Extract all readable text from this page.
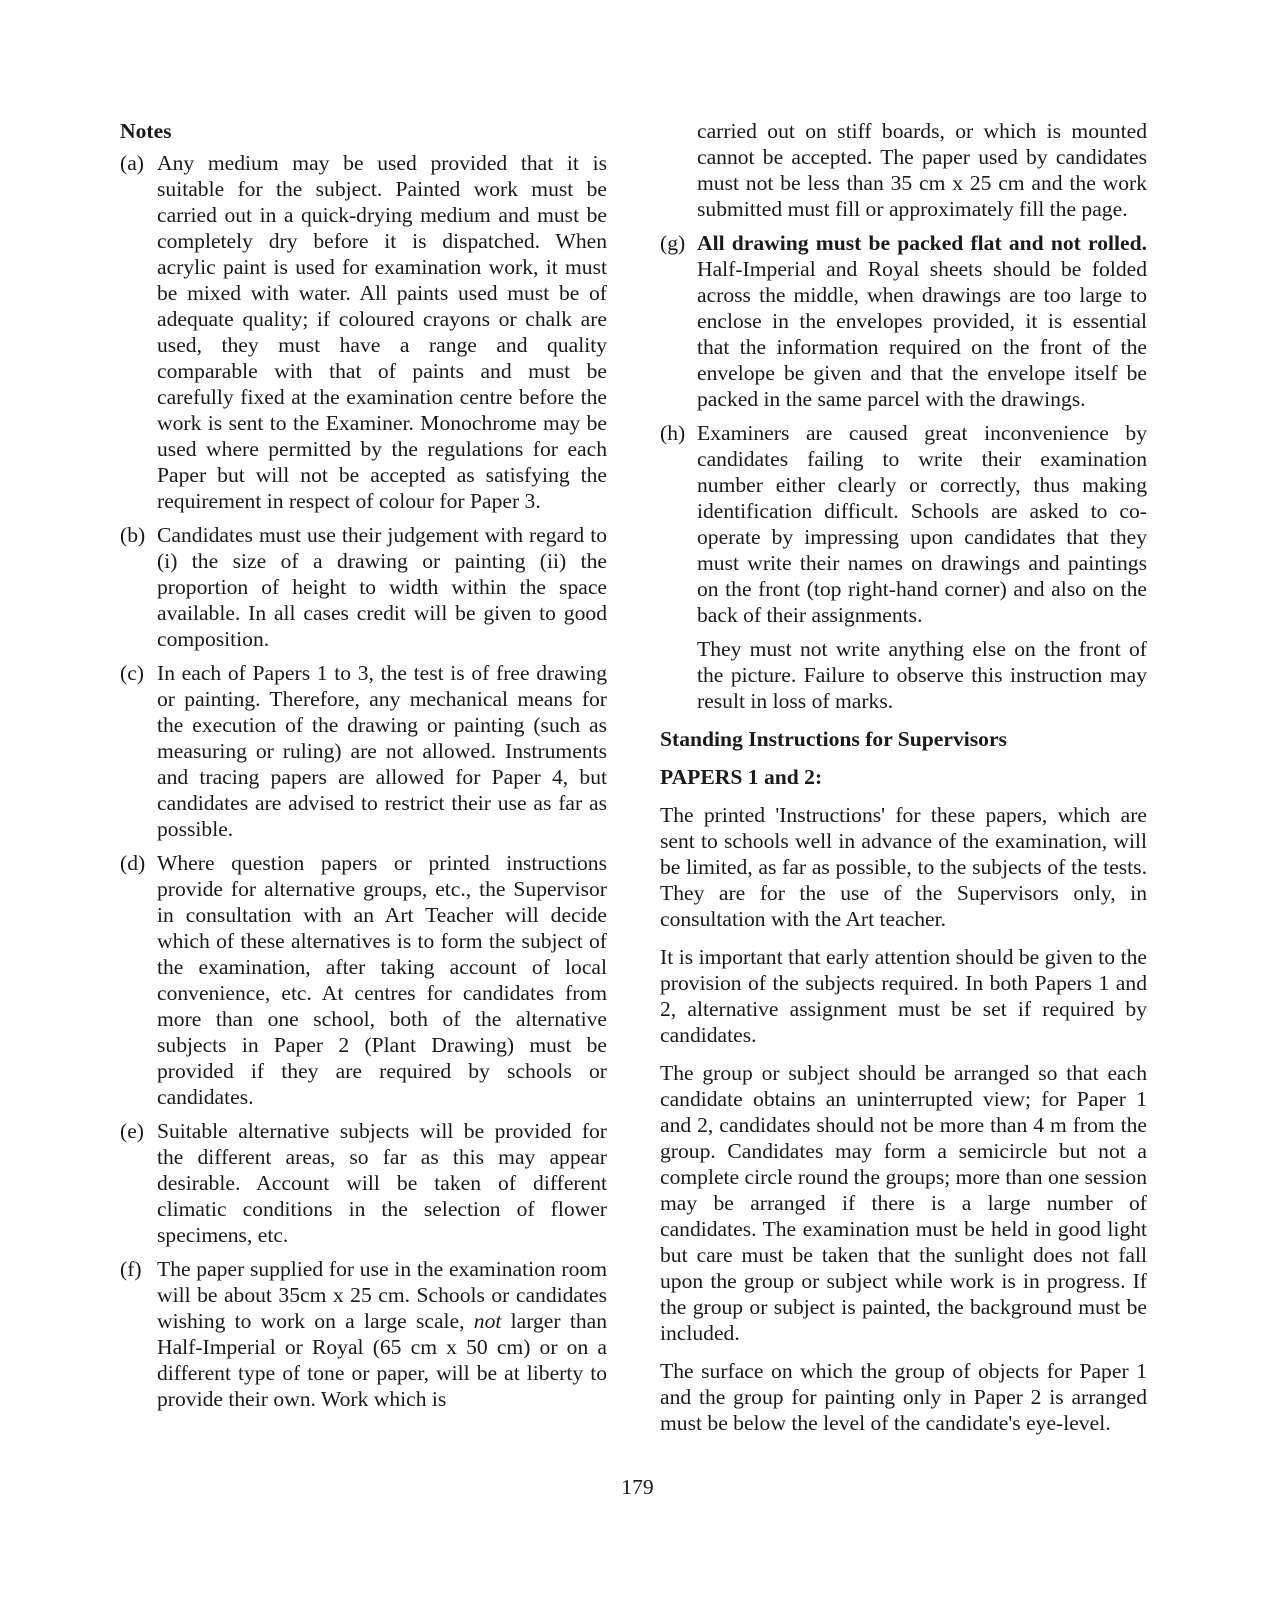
Notes
(a) Any medium may be used provided that it is suitable for the subject. Painted work must be carried out in a quick-drying medium and must be completely dry before it is dispatched. When acrylic paint is used for examination work, it must be mixed with water. All paints used must be of adequate quality; if coloured crayons or chalk are used, they must have a range and quality comparable with that of paints and must be carefully fixed at the examination centre before the work is sent to the Examiner. Monochrome may be used where permitted by the regulations for each Paper but will not be accepted as satisfying the requirement in respect of colour for Paper 3.
(b) Candidates must use their judgement with regard to (i) the size of a drawing or painting (ii) the proportion of height to width within the space available. In all cases credit will be given to good composition.
(c) In each of Papers 1 to 3, the test is of free drawing or painting. Therefore, any mechanical means for the execution of the drawing or painting (such as measuring or ruling) are not allowed. Instruments and tracing papers are allowed for Paper 4, but candidates are advised to restrict their use as far as possible.
(d) Where question papers or printed instructions provide for alternative groups, etc., the Supervisor in consultation with an Art Teacher will decide which of these alternatives is to form the subject of the examination, after taking account of local convenience, etc. At centres for candidates from more than one school, both of the alternative subjects in Paper 2 (Plant Drawing) must be provided if they are required by schools or candidates.
(e) Suitable alternative subjects will be provided for the different areas, so far as this may appear desirable. Account will be taken of different climatic conditions in the selection of flower specimens, etc.
(f) The paper supplied for use in the examination room will be about 35cm x 25 cm. Schools or candidates wishing to work on a large scale, not larger than Half-Imperial or Royal (65 cm x 50 cm) or on a different type of tone or paper, will be at liberty to provide their own. Work which is
carried out on stiff boards, or which is mounted cannot be accepted. The paper used by candidates must not be less than 35 cm x 25 cm and the work submitted must fill or approximately fill the page.
(g) All drawing must be packed flat and not rolled. Half-Imperial and Royal sheets should be folded across the middle, when drawings are too large to enclose in the envelopes provided, it is essential that the information required on the front of the envelope be given and that the envelope itself be packed in the same parcel with the drawings.
(h) Examiners are caused great inconvenience by candidates failing to write their examination number either clearly or correctly, thus making identification difficult. Schools are asked to co-operate by impressing upon candidates that they must write their names on drawings and paintings on the front (top right-hand corner) and also on the back of their assignments.
They must not write anything else on the front of the picture. Failure to observe this instruction may result in loss of marks.
Standing Instructions for Supervisors
PAPERS 1 and 2:
The printed 'Instructions' for these papers, which are sent to schools well in advance of the examination, will be limited, as far as possible, to the subjects of the tests. They are for the use of the Supervisors only, in consultation with the Art teacher.
It is important that early attention should be given to the provision of the subjects required. In both Papers 1 and 2, alternative assignment must be set if required by candidates.
The group or subject should be arranged so that each candidate obtains an uninterrupted view; for Paper 1 and 2, candidates should not be more than 4 m from the group. Candidates may form a semicircle but not a complete circle round the groups; more than one session may be arranged if there is a large number of candidates. The examination must be held in good light but care must be taken that the sunlight does not fall upon the group or subject while work is in progress. If the group or subject is painted, the background must be included.
The surface on which the group of objects for Paper 1 and the group for painting only in Paper 2 is arranged must be below the level of the candidate's eye-level.
179
